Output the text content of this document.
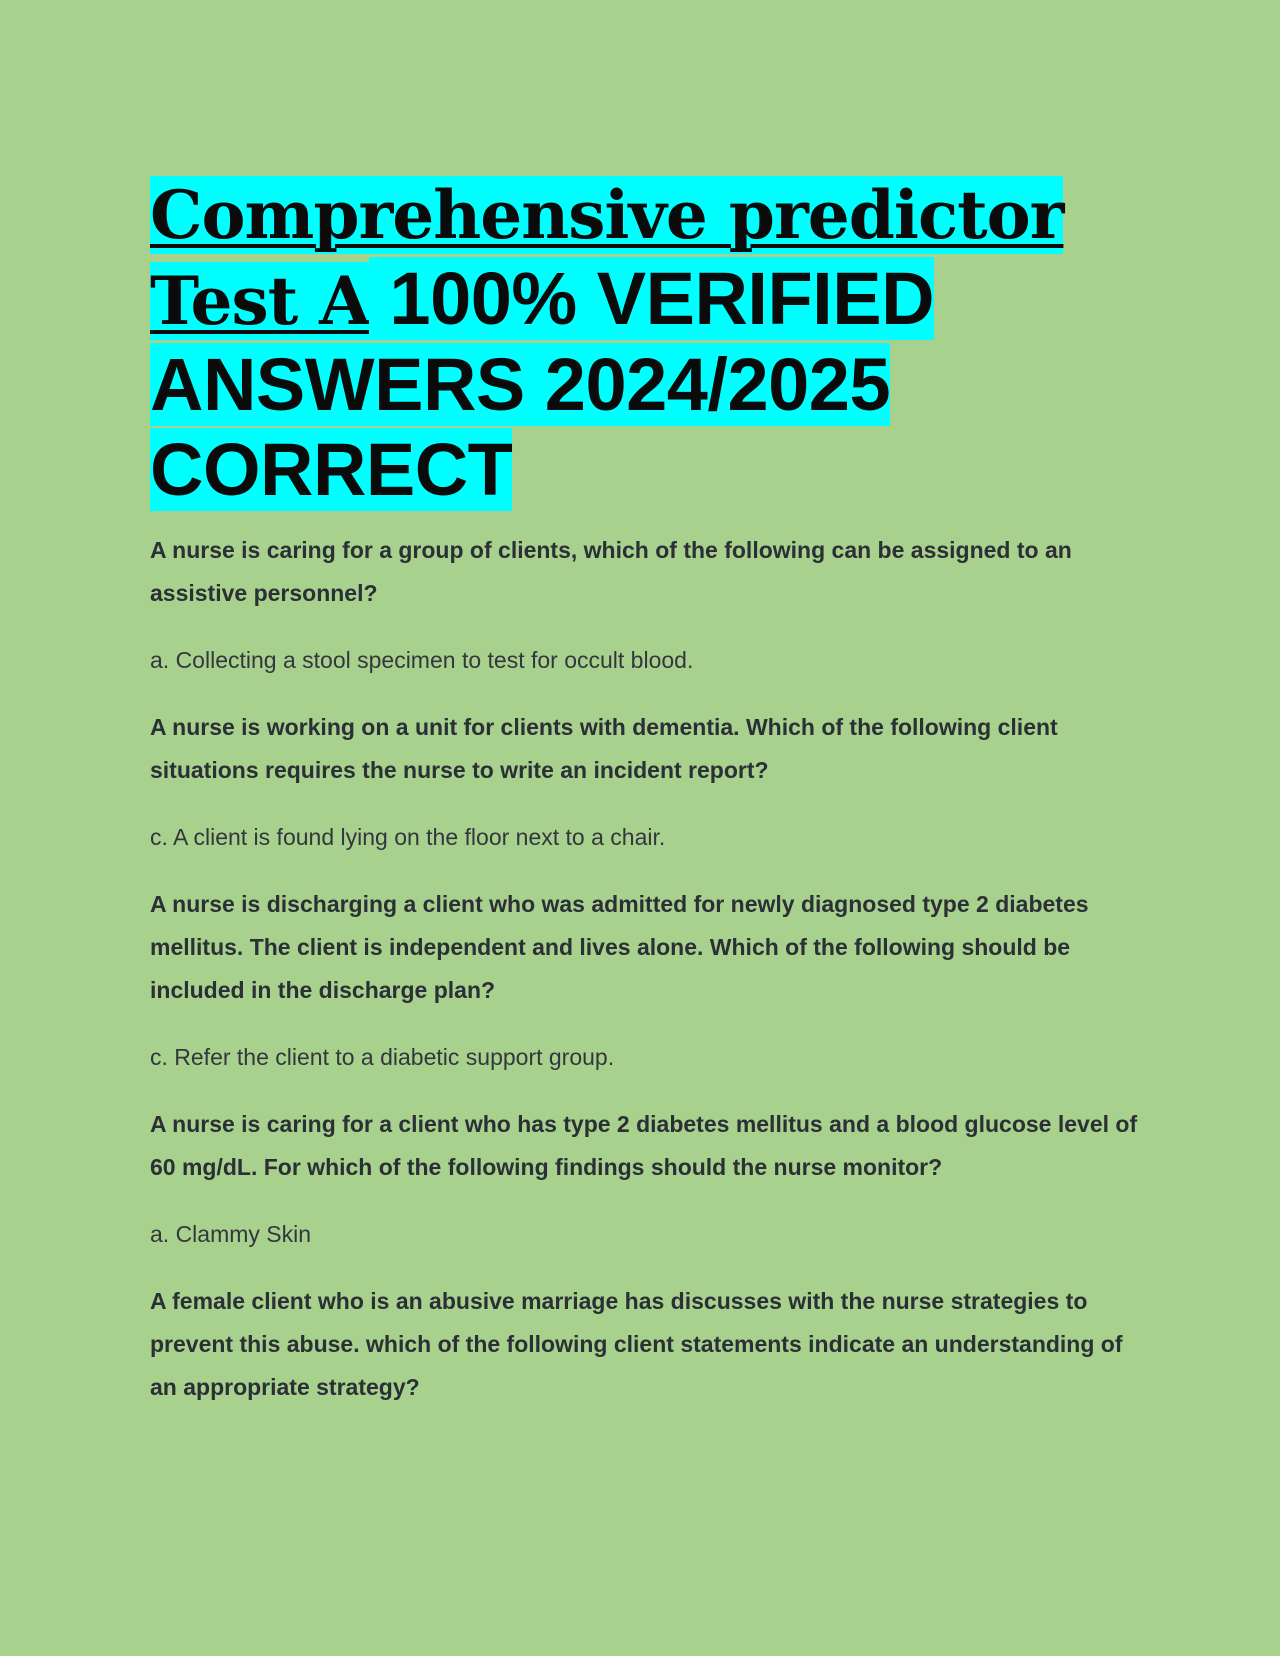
Comprehensive predictor Test A 100% VERIFIED ANSWERS 2024/2025 CORRECT

A nurse is caring for a group of clients, which of the following can be assigned to an assistive personnel?

a. Collecting a stool specimen to test for occult blood.

A nurse is working on a unit for clients with dementia. Which of the following client situations requires the nurse to write an incident report?

c. A client is found lying on the floor next to a chair.

A nurse is discharging a client who was admitted for newly diagnosed type 2 diabetes mellitus. The client is independent and lives alone. Which of the following should be included in the discharge plan?

c. Refer the client to a diabetic support group.

A nurse is caring for a client who has type 2 diabetes mellitus and a blood glucose level of 60 mg/dL. For which of the following findings should the nurse monitor?

a. Clammy Skin

A female client who is an abusive marriage has discusses with the nurse strategies to prevent this abuse. which of the following client statements indicate an understanding of an appropriate strategy?
